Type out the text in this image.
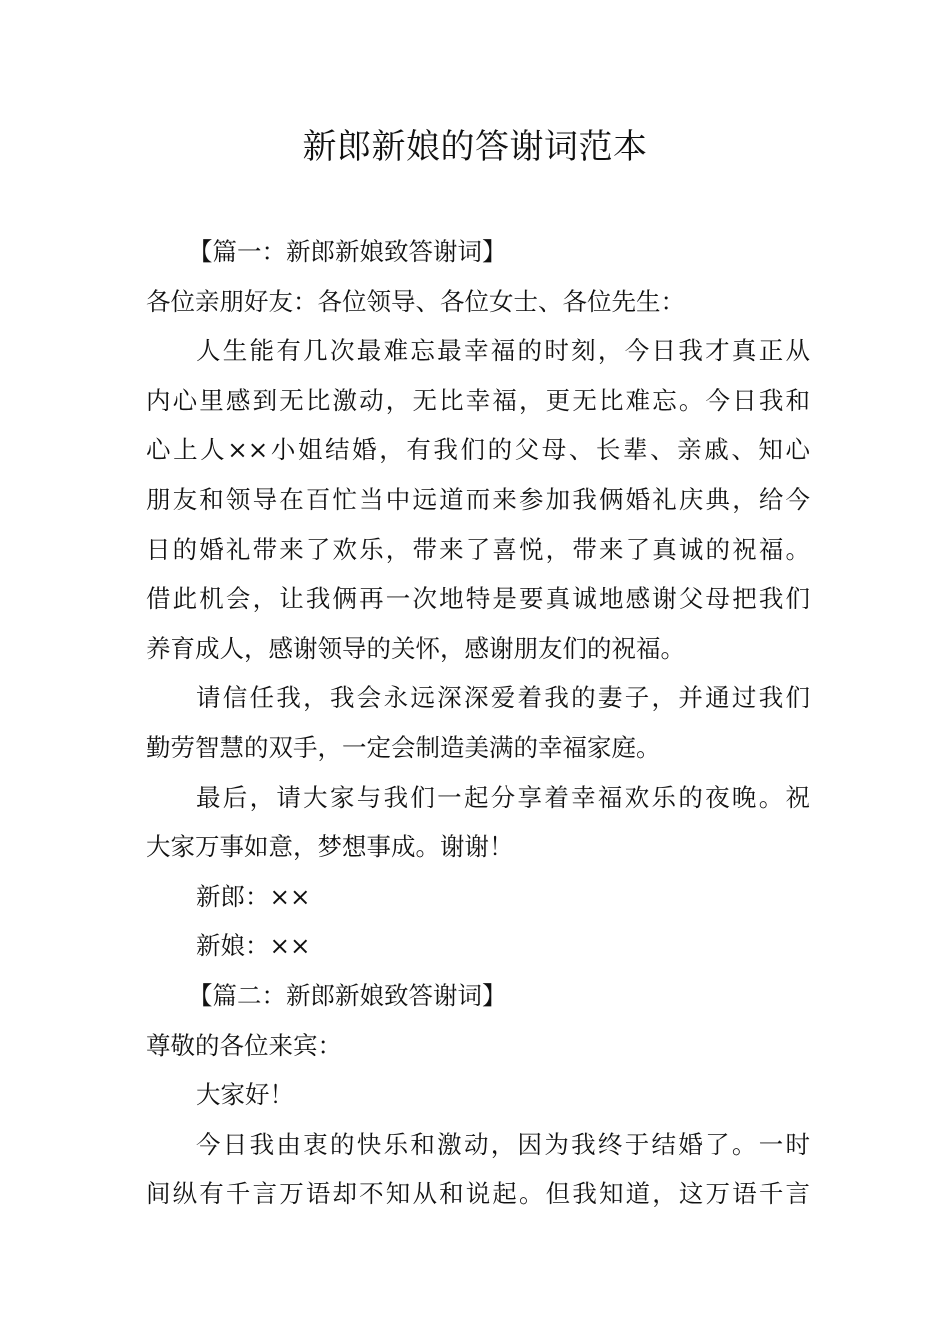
新郎新娘的答谢词范本
【篇一：新郎新娘致答谢词】
各位亲朋好友：各位领导、各位女士、各位先生：
人生能有几次最难忘最幸福的时刻，今日我才真正从
内心里感到无比激动，无比幸福，更无比难忘。今日我和
心上人××小姐结婚，有我们的父母、长辈、亲戚、知心
朋友和领导在百忙当中远道而来参加我俩婚礼庆典，给今
日的婚礼带来了欢乐，带来了喜悦，带来了真诚的祝福。
借此机会，让我俩再一次地特是要真诚地感谢父母把我们
养育成人，感谢领导的关怀，感谢朋友们的祝福。
请信任我，我会永远深深爱着我的妻子，并通过我们
勤劳智慧的双手，一定会制造美满的幸福家庭。
最后，请大家与我们一起分享着幸福欢乐的夜晚。祝
大家万事如意，梦想事成。谢谢！
新郎：××
新娘：××
【篇二：新郎新娘致答谢词】
尊敬的各位来宾：
大家好！
今日我由衷的快乐和激动，因为我终于结婚了。一时
间纵有千言万语却不知从和说起。但我知道，这万语千言
